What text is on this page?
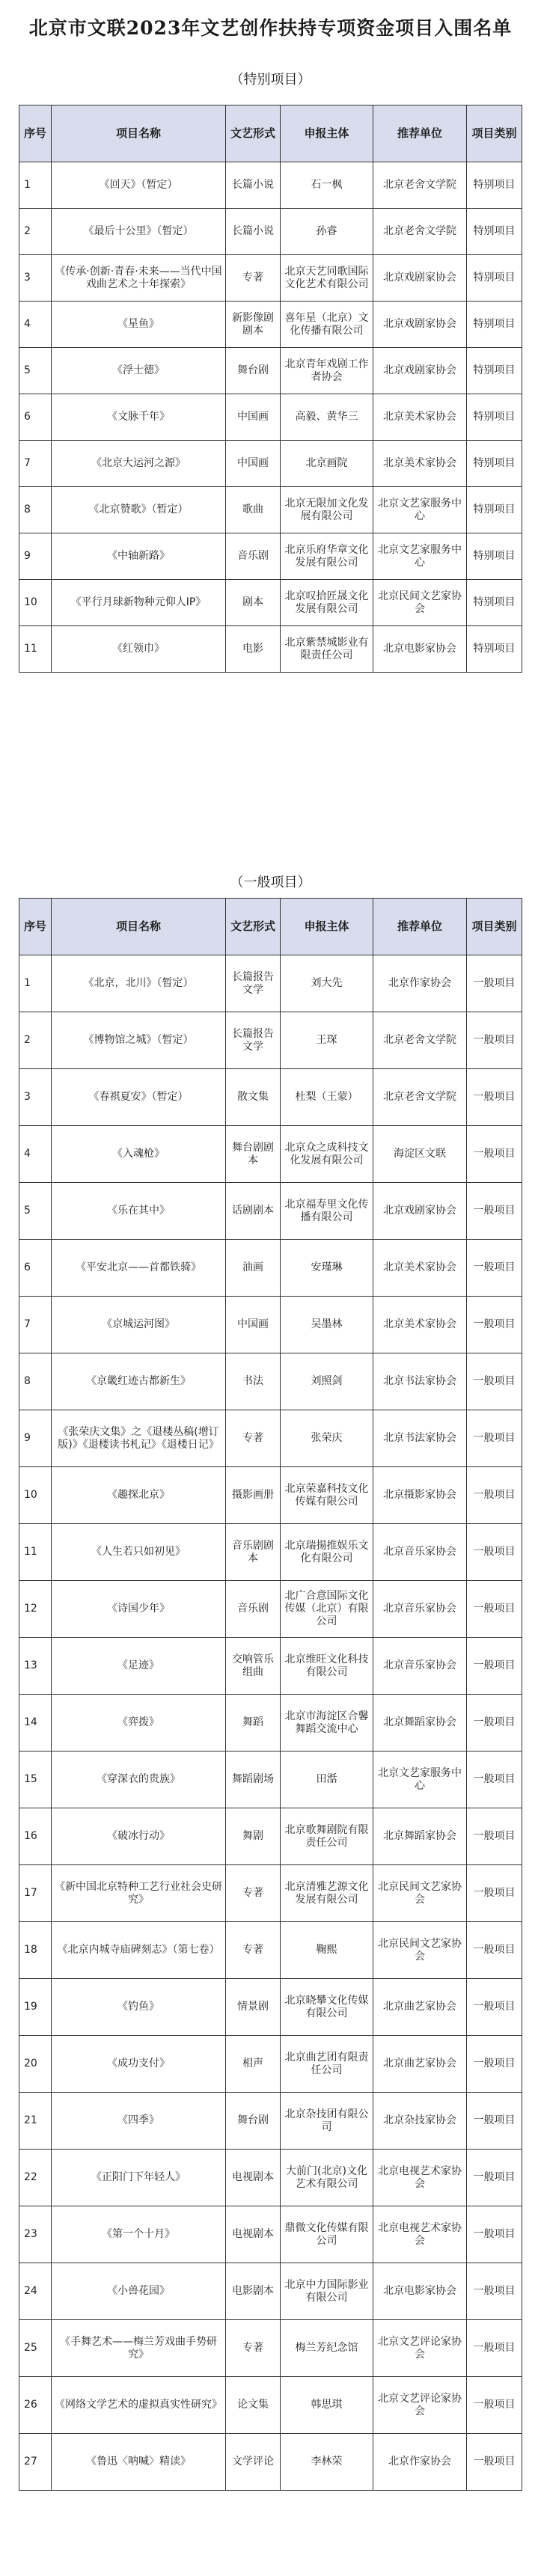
北京市文联2023年文艺创作扶持专项资金项目入围名单
（特别项目）
序号	项目名称	文艺形式	申报主体	推荐单位	项目类别
1	《回天》（暂定）	长篇小说	石一枫	北京老舍文学院	特别项目
2	《最后十公里》（暂定）	长篇小说	孙睿	北京老舍文学院	特别项目
3	《传承·创新·青春·未来——当代中国戏曲艺术之十年探索》	专著	北京天艺同歌国际文化艺术有限公司	北京戏剧家协会	特别项目
4	《星鱼》	新影像剧剧本	喜年星（北京）文化传播有限公司	北京戏剧家协会	特别项目
5	《浮士德》	舞台剧	北京青年戏剧工作者协会	北京戏剧家协会	特别项目
6	《文脉千年》	中国画	高毅、黄华三	北京美术家协会	特别项目
7	《北京大运河之源》	中国画	北京画院	北京美术家协会	特别项目
8	《北京赞歌》（暂定）	歌曲	北京无限加文化发展有限公司	北京文艺家服务中心	特别项目
9	《中轴新路》	音乐剧	北京乐府华章文化发展有限公司	北京文艺家服务中心	特别项目
10	《平行月球新物种元仰人IP》	剧本	北京叹拾匠晟文化发展有限公司	北京民间文艺家协会	特别项目
11	《红领巾》	电影	北京紫禁城影业有限责任公司	北京电影家协会	特别项目
（一般项目）
序号	项目名称	文艺形式	申报主体	推荐单位	项目类别
1	《北京，北川》（暂定）	长篇报告文学	刘大先	北京作家协会	一般项目
2	《博物馆之城》（暂定）	长篇报告文学	王琛	北京老舍文学院	一般项目
3	《春祺夏安》（暂定）	散文集	杜梨（王蒙）	北京老舍文学院	一般项目
4	《入魂枪》	舞台剧剧本	北京众之成科技文化发展有限公司	海淀区文联	一般项目
5	《乐在其中》	话剧剧本	北京福寿里文化传播有限公司	北京戏剧家协会	一般项目
6	《平安北京——首都铁骑》	油画	安瑾琳	北京美术家协会	一般项目
7	《京城运河图》	中国画	吴墨林	北京美术家协会	一般项目
8	《京畿红迹古都新生》	书法	刘照剑	北京书法家协会	一般项目
9	《张荣庆文集》之《退楼丛稿(增订版)》《退楼读书札记》《退楼日记》	专著	张荣庆	北京书法家协会	一般项目
10	《趣探北京》	摄影画册	北京荣嘉科技文化传媒有限公司	北京摄影家协会	一般项目
11	《人生若只如初见》	音乐剧剧本	北京瑞揚推娱乐文化有限公司	北京音乐家协会	一般项目
12	《诗国少年》	音乐剧	北广合意国际文化传媒（北京）有限公司	北京音乐家协会	一般项目
13	《足迹》	交响管乐组曲	北京维旺文化科技有限公司	北京音乐家协会	一般项目
14	《弈拨》	舞蹈	北京市海淀区合馨舞蹈交流中心	北京舞蹈家协会	一般项目
15	《穿深衣的贵族》	舞蹈剧场	田湉	北京文艺家服务中心	一般项目
16	《破冰行动》	舞剧	北京歌舞剧院有限责任公司	北京舞蹈家协会	一般项目
17	《新中国北京特种工艺行业社会史研究》	专著	北京清雅艺源文化发展有限公司	北京民间文艺家协会	一般项目
18	《北京内城寺庙碑刻志》（第七卷）	专著	鞠熙	北京民间文艺家协会	一般项目
19	《钓鱼》	情景剧	北京晓攀文化传媒有限公司	北京曲艺家协会	一般项目
20	《成功支付》	相声	北京曲艺团有限责任公司	北京曲艺家协会	一般项目
21	《四季》	舞台剧	北京杂技团有限公司	北京杂技家协会	一般项目
22	《正阳门下年轻人》	电视剧本	大前门(北京)文化艺术有限公司	北京电视艺术家协会	一般项目
23	《第一个十月》	电视剧本	鼎微文化传媒有限公司	北京电视艺术家协会	一般项目
24	《小兽花园》	电影剧本	北京中力国际影业有限公司	北京电影家协会	一般项目
25	《手舞艺术——梅兰芳戏曲手势研究》	专著	梅兰芳纪念馆	北京文艺评论家协会	一般项目
26	《网络文学艺术的虚拟真实性研究》	论文集	韩思琪	北京文艺评论家协会	一般项目
27	《鲁迅〈呐喊〉精读》	文学评论	李林荣	北京作家协会	一般项目
